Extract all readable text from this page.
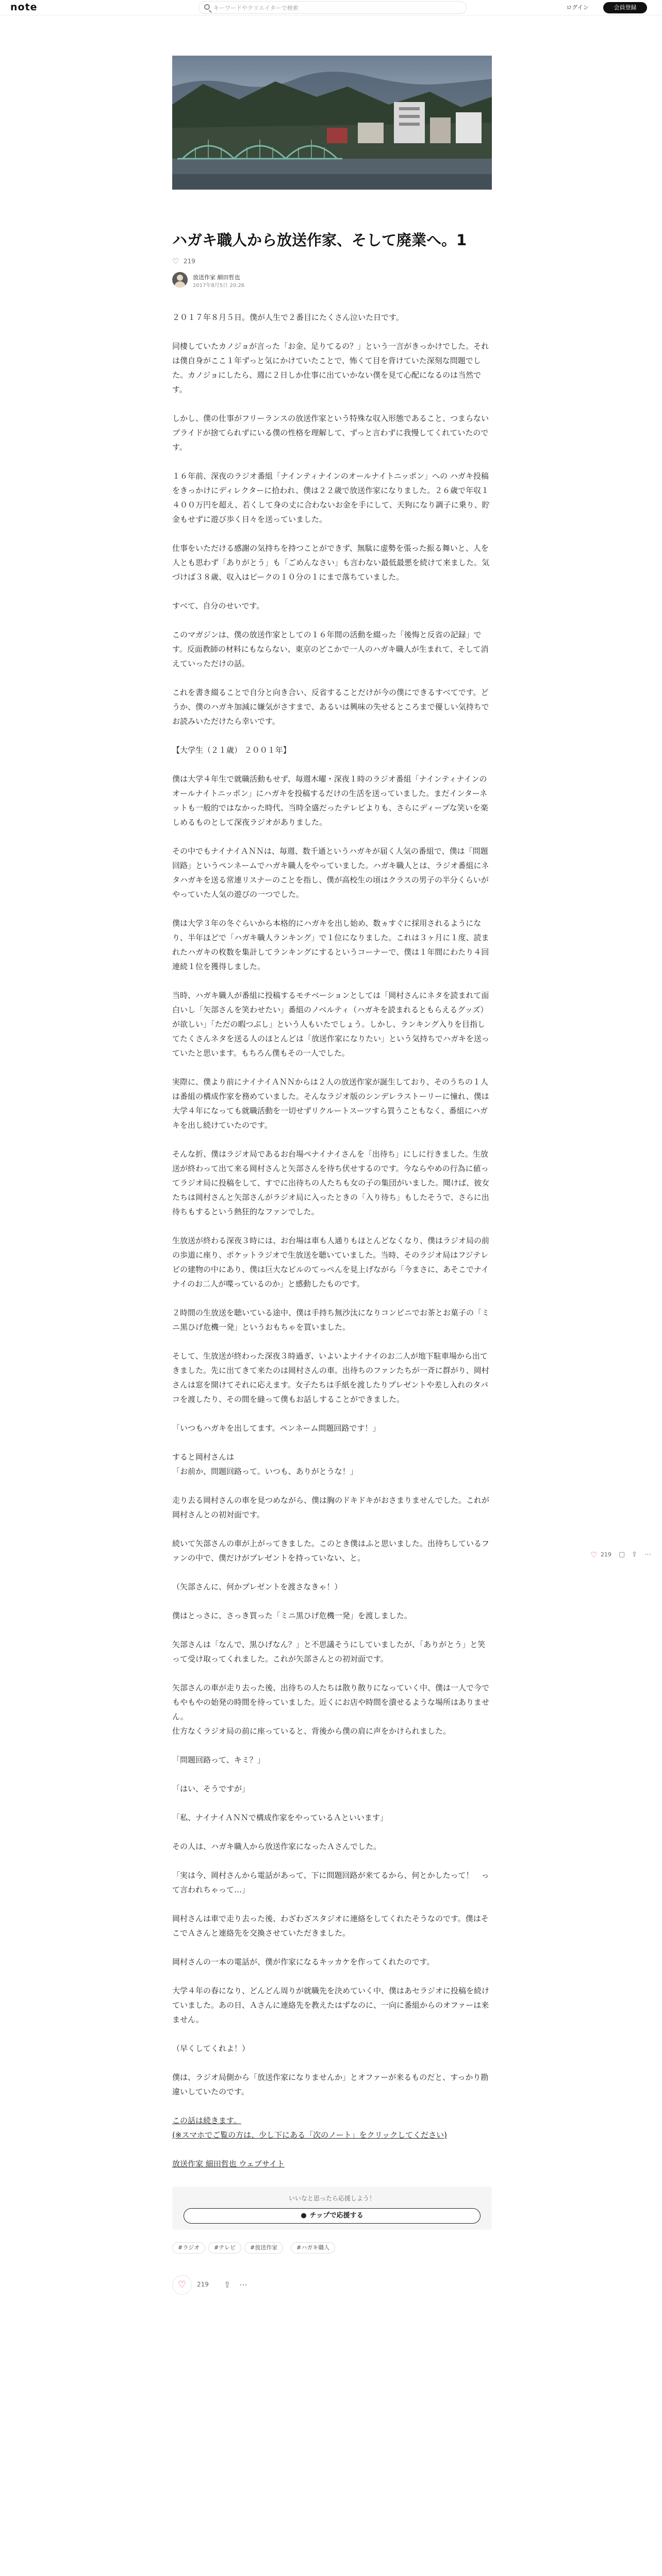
note
キーワードやクリエイターで検索	ログイン	会員登録
ハガキ職人から放送作家、そして廃業へ。1
♡ 219
放送作家 細田哲也
2017年8月5日 20:26

２０１７年８月５日。僕が人生で２番目にたくさん泣いた日です。

同棲していたカノジョが言った「お金、足りてるの？」という一言がきっかけでした。それは僕自身がここ１年ずっと気にかけていたことで、怖くて目を背けていた深刻な問題でした。カノジョにしたら、週に２日しか仕事に出ていかない僕を見て心配になるのは当然です。

しかし、僕の仕事がフリーランスの放送作家という特殊な収入形態であること、つまらないプライドが捨てられずにいる僕の性格を理解して、ずっと言わずに我慢してくれていたのです。

１６年前、深夜のラジオ番組「ナインティナインのオールナイトニッポン」への ハガキ投稿をきっかけにディレクターに拾われ、僕は２２歳で放送作家になりました。２６歳で年収１４００万円を超え、若くして身の丈に合わないお金を手にして、天狗になり調子に乗り、貯金もせずに遊び歩く日々を送っていました。

仕事をいただける感謝の気持ちを持つことができず、無駄に虚勢を張った振る舞いと、人を人とも思わず「ありがとう」も「ごめんなさい」も言わない最低最悪を続けて来ました。気づけば３８歳、収入はピークの１０分の１にまで落ちていました。

すべて、自分のせいです。

このマガジンは、僕の放送作家としての１６年間の活動を綴った「後悔と反省の記録」です。反面教師の材料にもならない、東京のどこかで一人のハガキ職人が生まれて、そして消えていっただけの話。

これを書き綴ることで自分と向き合い、反省することだけが今の僕にできるすべてです。どうか、僕のハガキ加減に嫌気がさすまで、あるいは興味の失せるところまで優しい気持ちでお読みいただけたら幸いです。

【大学生（２１歳） ２００１年】

僕は大学４年生で就職活動もせず、毎週木曜・深夜１時のラジオ番組「ナインティナインのオールナイトニッポン」にハガキを投稿するだけの生活を送っていました。まだインターネットも一般的ではなかった時代、当時全盛だったテレビよりも、さらにディープな笑いを楽しめるものとして深夜ラジオがありました。

その中でもナイナイＡＮＮは、毎週、数千通というハガキが届く人気の番組で、僕は「問題回路」というペンネームでハガキ職人をやっていました。ハガキ職人とは、ラジオ番組にネタハガキを送る常連リスナーのことを指し、僕が高校生の頃はクラスの男子の半分くらいがやっていた人気の遊びの一つでした。

僕は大学３年の冬ぐらいから本格的にハガキを出し始め、数ヵすぐに採用されるようになり、半年ほどで「ハガキ職人ランキング」で１位になりました。これは３ヶ月に１度、読まれたハガキの枚数を集計してランキングにするというコーナーで、僕は１年間にわたり４回連続１位を獲得しました。

当時、ハガキ職人が番組に投稿するモチベーションとしては「岡村さんにネタを読まれて面白いし「矢部さんを笑わせたい」番組のノベルティ（ハガキを読まれるともらえるグッズ）が欲しい」「ただの暇つぶし」という人もいたでしょう。しかし、ランキング入りを目指してたくさんネタを送る人のほとんどは「放送作家になりたい」という気持ちでハガキを送っていたと思います。もちろん僕もその一人でした。

実際に、僕より前にナイナイＡＮＮからは２人の放送作家が誕生しており、そのうちの１人は番組の構成作家を務めていました。そんなラジオ版のシンデレラストーリーに憧れ、僕は大学４年になっても就職活動を一切せずリクルートスーツすら買うこともなく、番組にハガキを出し続けていたのです。

そんな折、僕はラジオ局であるお台場ペナイナイさんを「出待ち」にしに行きました。生放送が終わって出て来る岡村さんと矢部さんを待ち伏せするのです。今ならやめの行為に値ってラジオ局に投稿をして、すでに出待ちの人たちも女の子の集団がいました。聞けば、彼女たちは岡村さんと矢部さんがラジオ局に入ったときの「入り待ち」もしたそうで、さらに出待ちもするという熱狂的なファンでした。

生放送が終わる深夜３時には、お台場は車も人通りもほとんどなくなり、僕はラジオ局の前の歩道に座り、ポケットラジオで生放送を聴いていました。当時、そのラジオ局はフジテレビの建物の中にあり、僕は巨大なビルのてっぺんを見上げながら「今まさに、あそこでナイナイのお二人が喋っているのか」と感動したものです。

２時間の生放送を聴いている途中、僕は手持ち無沙汰になりコンビニでお茶とお菓子の「ミニ黒ひげ危機一発」というおもちゃを買いました。

そして、生放送が終わった深夜３時過ぎ、いよいよナイナイのお二人が地下駐車場から出てきました。先に出てきて来たのは岡村さんの車。出待ちのファンたちが一斉に群がり、岡村さんは窓を開けてそれに応えます。女子たちは手紙を渡したりプレゼントや差し入れのタバコを渡したり、その間を縫って僕もお話しすることができました。

「いつもハガキを出してます。ペンネーム問題回路です！」

すると岡村さんは
「お前か、問題回路って。いつも、ありがとうな！」

走り去る岡村さんの車を見つめながら、僕は胸のドキドキがおさまりませんでした。これが岡村さんとの初対面です。

続いて矢部さんの車が上がってきました。このとき僕はふと思いました。出待ちしているファンの中で、僕だけがプレゼントを持っていない、と。

（矢部さんに、何かプレゼントを渡さなきゃ！）

僕はとっさに、さっき買った「ミニ黒ひげ危機一発」を渡しました。

矢部さんは「なんで、黒ひげなん？」と不思議そうにしていましたが、「ありがとう」と笑って受け取ってくれました。これが矢部さんとの初対面です。

矢部さんの車が走り去った後、出待ちの人たちは散り散りになっていく中、僕は一人で今でもやもやの始発の時間を待っていました。近くにお店や時間を潰せるような場所はありません。
仕方なくラジオ局の前に座っていると、背後から僕の肩に声をかけられました。

「問題回路って、キミ？」

「はい、そうですが」

「私、ナイナイＡＮＮで構成作家をやっているＡといいます」

その人は、ハガキ職人から放送作家になったＡさんでした。

「実は今、岡村さんから電話があって、下に問題回路が来てるから、何とかしたって！　って言われちゃって…」

岡村さんは車で走り去った後、わざわざスタジオに連絡をしてくれたそうなのです。僕はそこでＡさんと連絡先を交換させていただきました。

岡村さんの一本の電話が、僕が作家になるキッカケを作ってくれたのです。

大学４年の春になり、どんどん周りが就職先を決めていく中、僕はあセラジオに投稿を続けていました。あの日、Ａさんに連絡先を教えたはずなのに、一向に番組からのオファーは来ません。

（早くしてくれよ！）

僕は、ラジオ局側から「放送作家になりませんか」とオファーが来るものだと、すっかり勘違いしていたのです。

この話は続きます。
(※スマホでご覧の方は、少し下にある「次のノート」をクリックしてください)

放送作家 細田哲也 ウェブサイト

いいなと思ったら応援しよう！
● チップで応援する
#ラジオ	#テレビ	#放送作家	#ハガキ職人
♡	219 ⇪ ⋯
♡ 219 ▢ ⇪ ⋯
